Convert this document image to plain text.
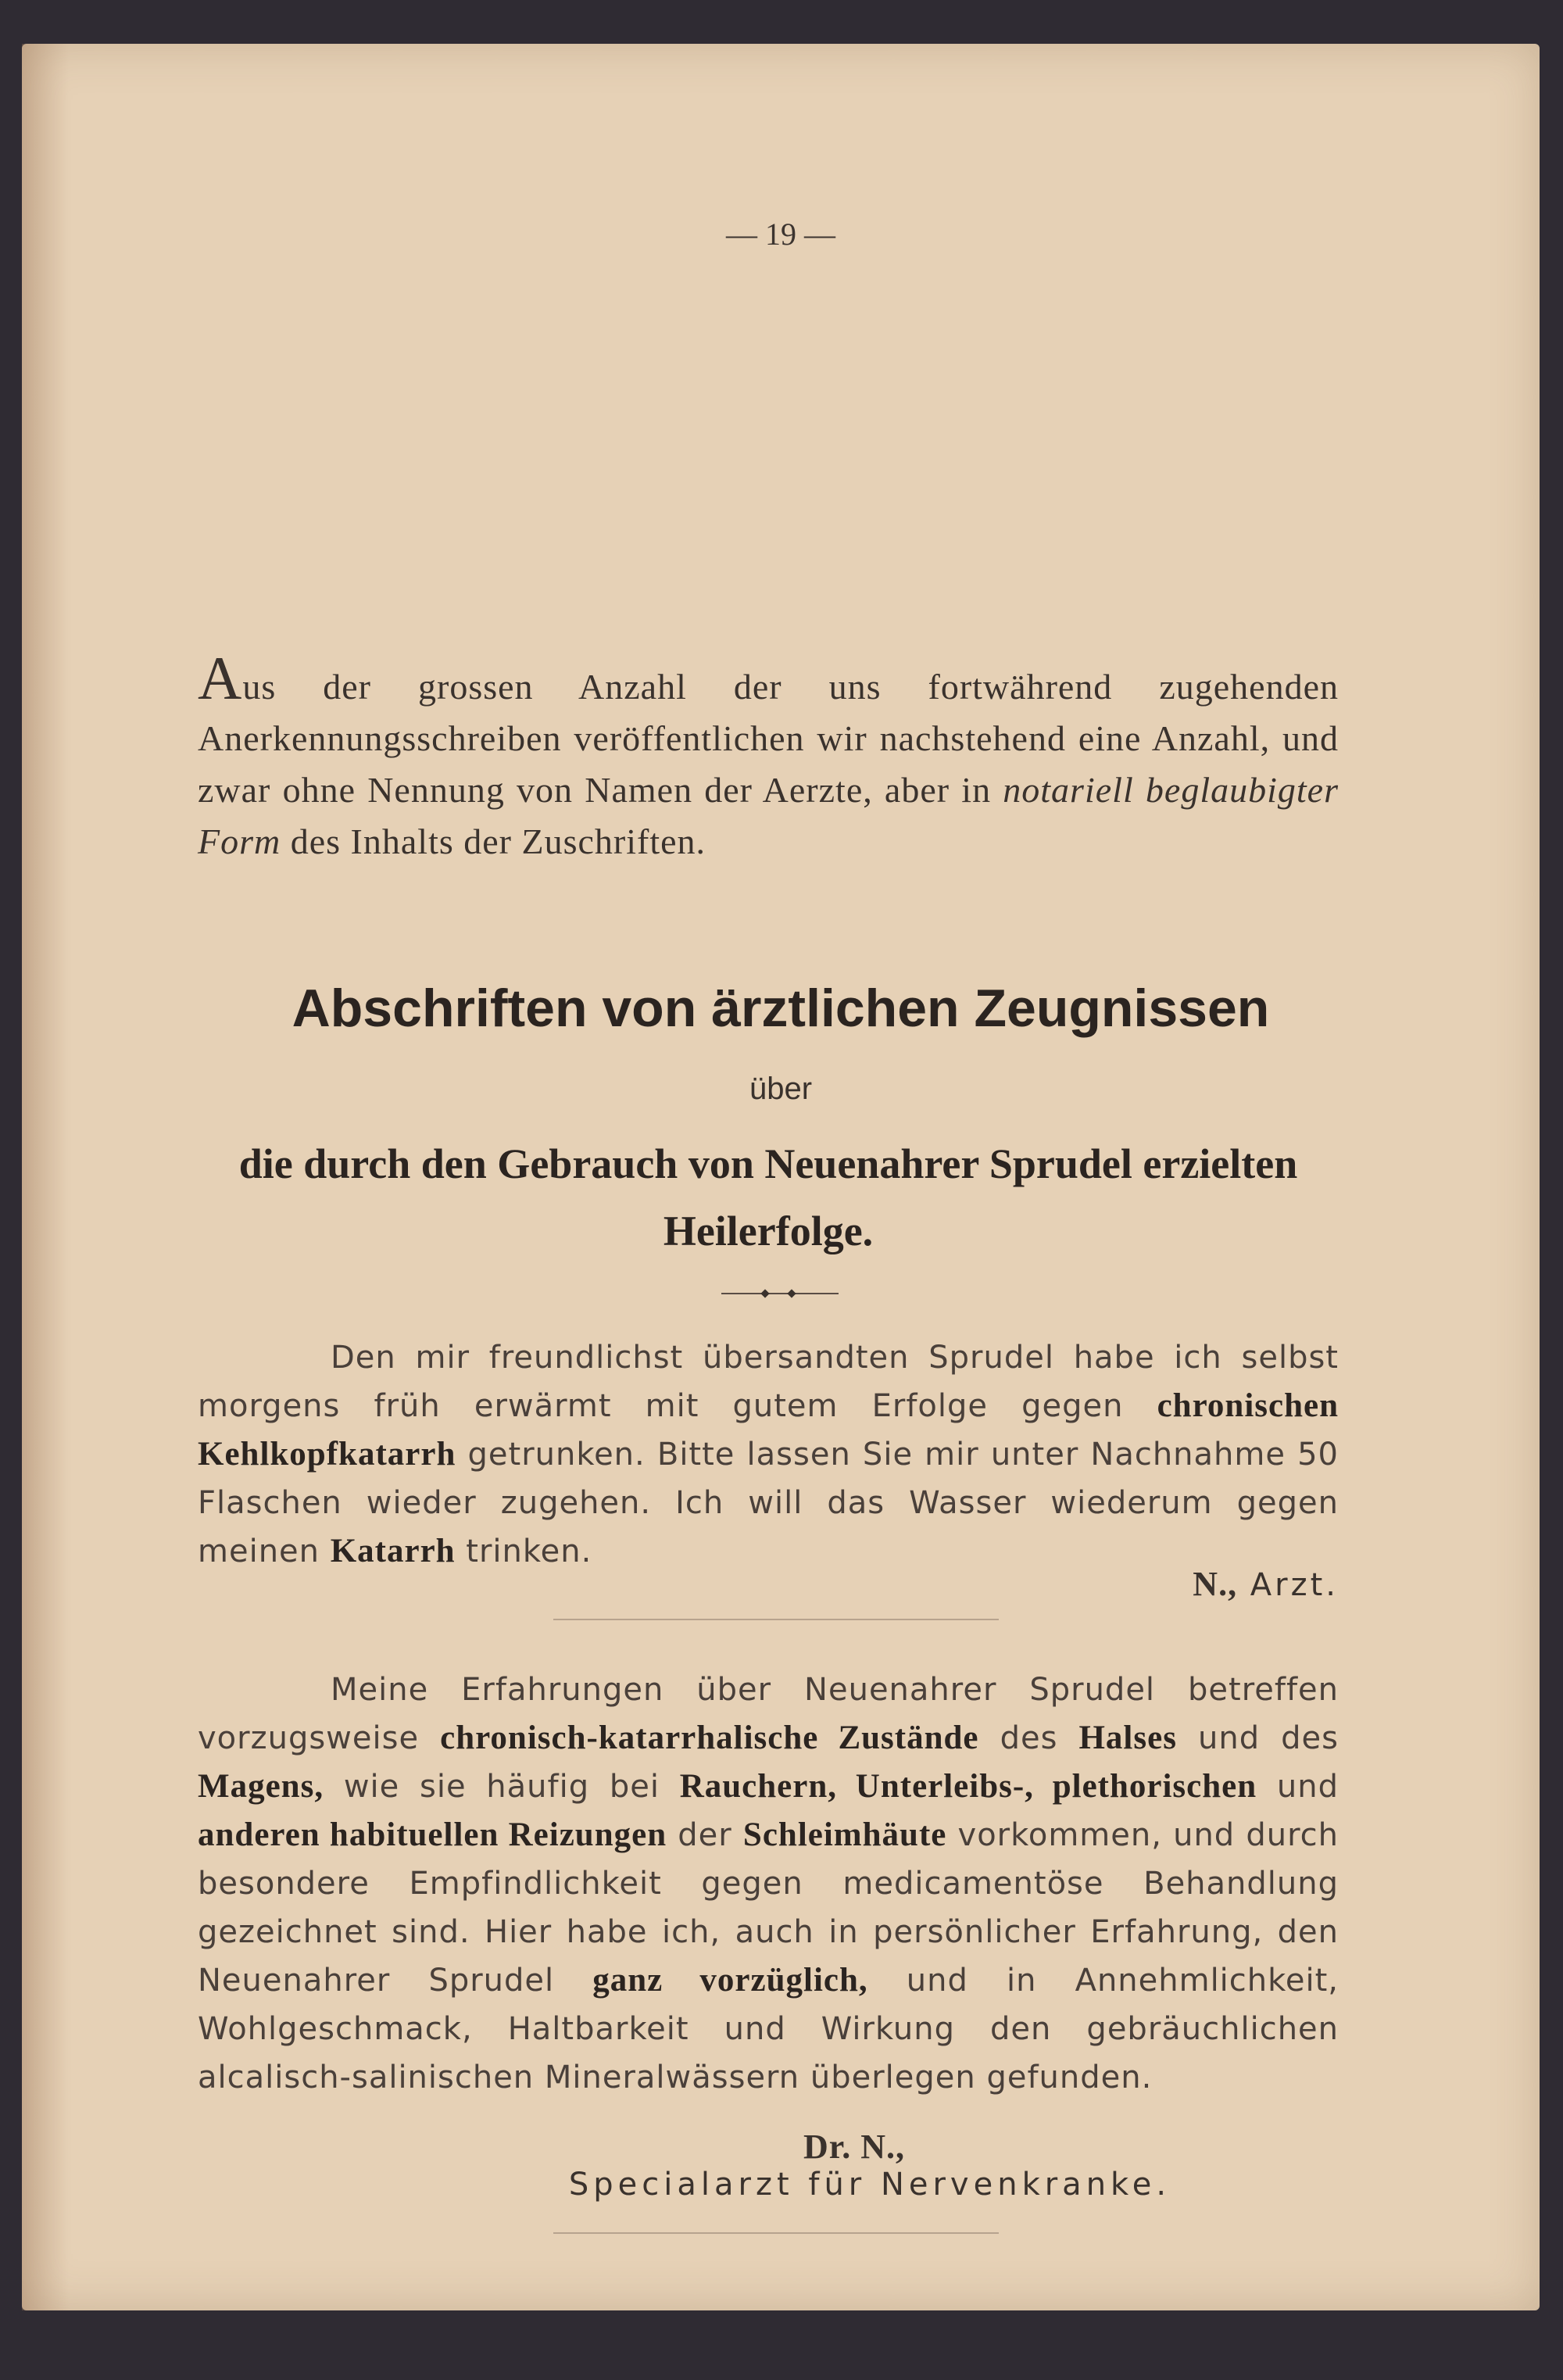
— 19 —
Aus der grossen Anzahl der uns fortwährend zugehenden Anerkennungsschreiben veröffentlichen wir nachstehend eine Anzahl, und zwar ohne Nennung von Namen der Aerzte, aber in notariell beglaubigter Form des Inhalts der Zuschriften.
Abschriften von ärztlichen Zeugnissen
über
die durch den Gebrauch von Neuenahrer Sprudel erzielten Heilerfolge.
Den mir freundlichst übersandten Sprudel habe ich selbst morgens früh erwärmt mit gutem Erfolge gegen chronischen Kehlkopfkatarrh getrunken. Bitte lassen Sie mir unter Nachnahme 50 Flaschen wieder zugehen. Ich will das Wasser wiederum gegen meinen Katarrh trinken.
N., Arzt.
Meine Erfahrungen über Neuenahrer Sprudel betreffen vorzugsweise chronisch-katarrhalische Zustände des Halses und des Magens, wie sie häufig bei Rauchern, Unterleibs-, plethorischen und anderen habituellen Reizungen der Schleimhäute vorkommen, und durch besondere Empfindlichkeit gegen medicamentöse Behandlung gezeichnet sind. Hier habe ich, auch in persönlicher Erfahrung, den Neuenahrer Sprudel ganz vorzüglich, und in Annehmlichkeit, Wohlgeschmack, Haltbarkeit und Wirkung den gebräuchlichen alcalisch-salinischen Mineralwässern überlegen gefunden.
Dr. N.,
Specialarzt für Nervenkranke.
